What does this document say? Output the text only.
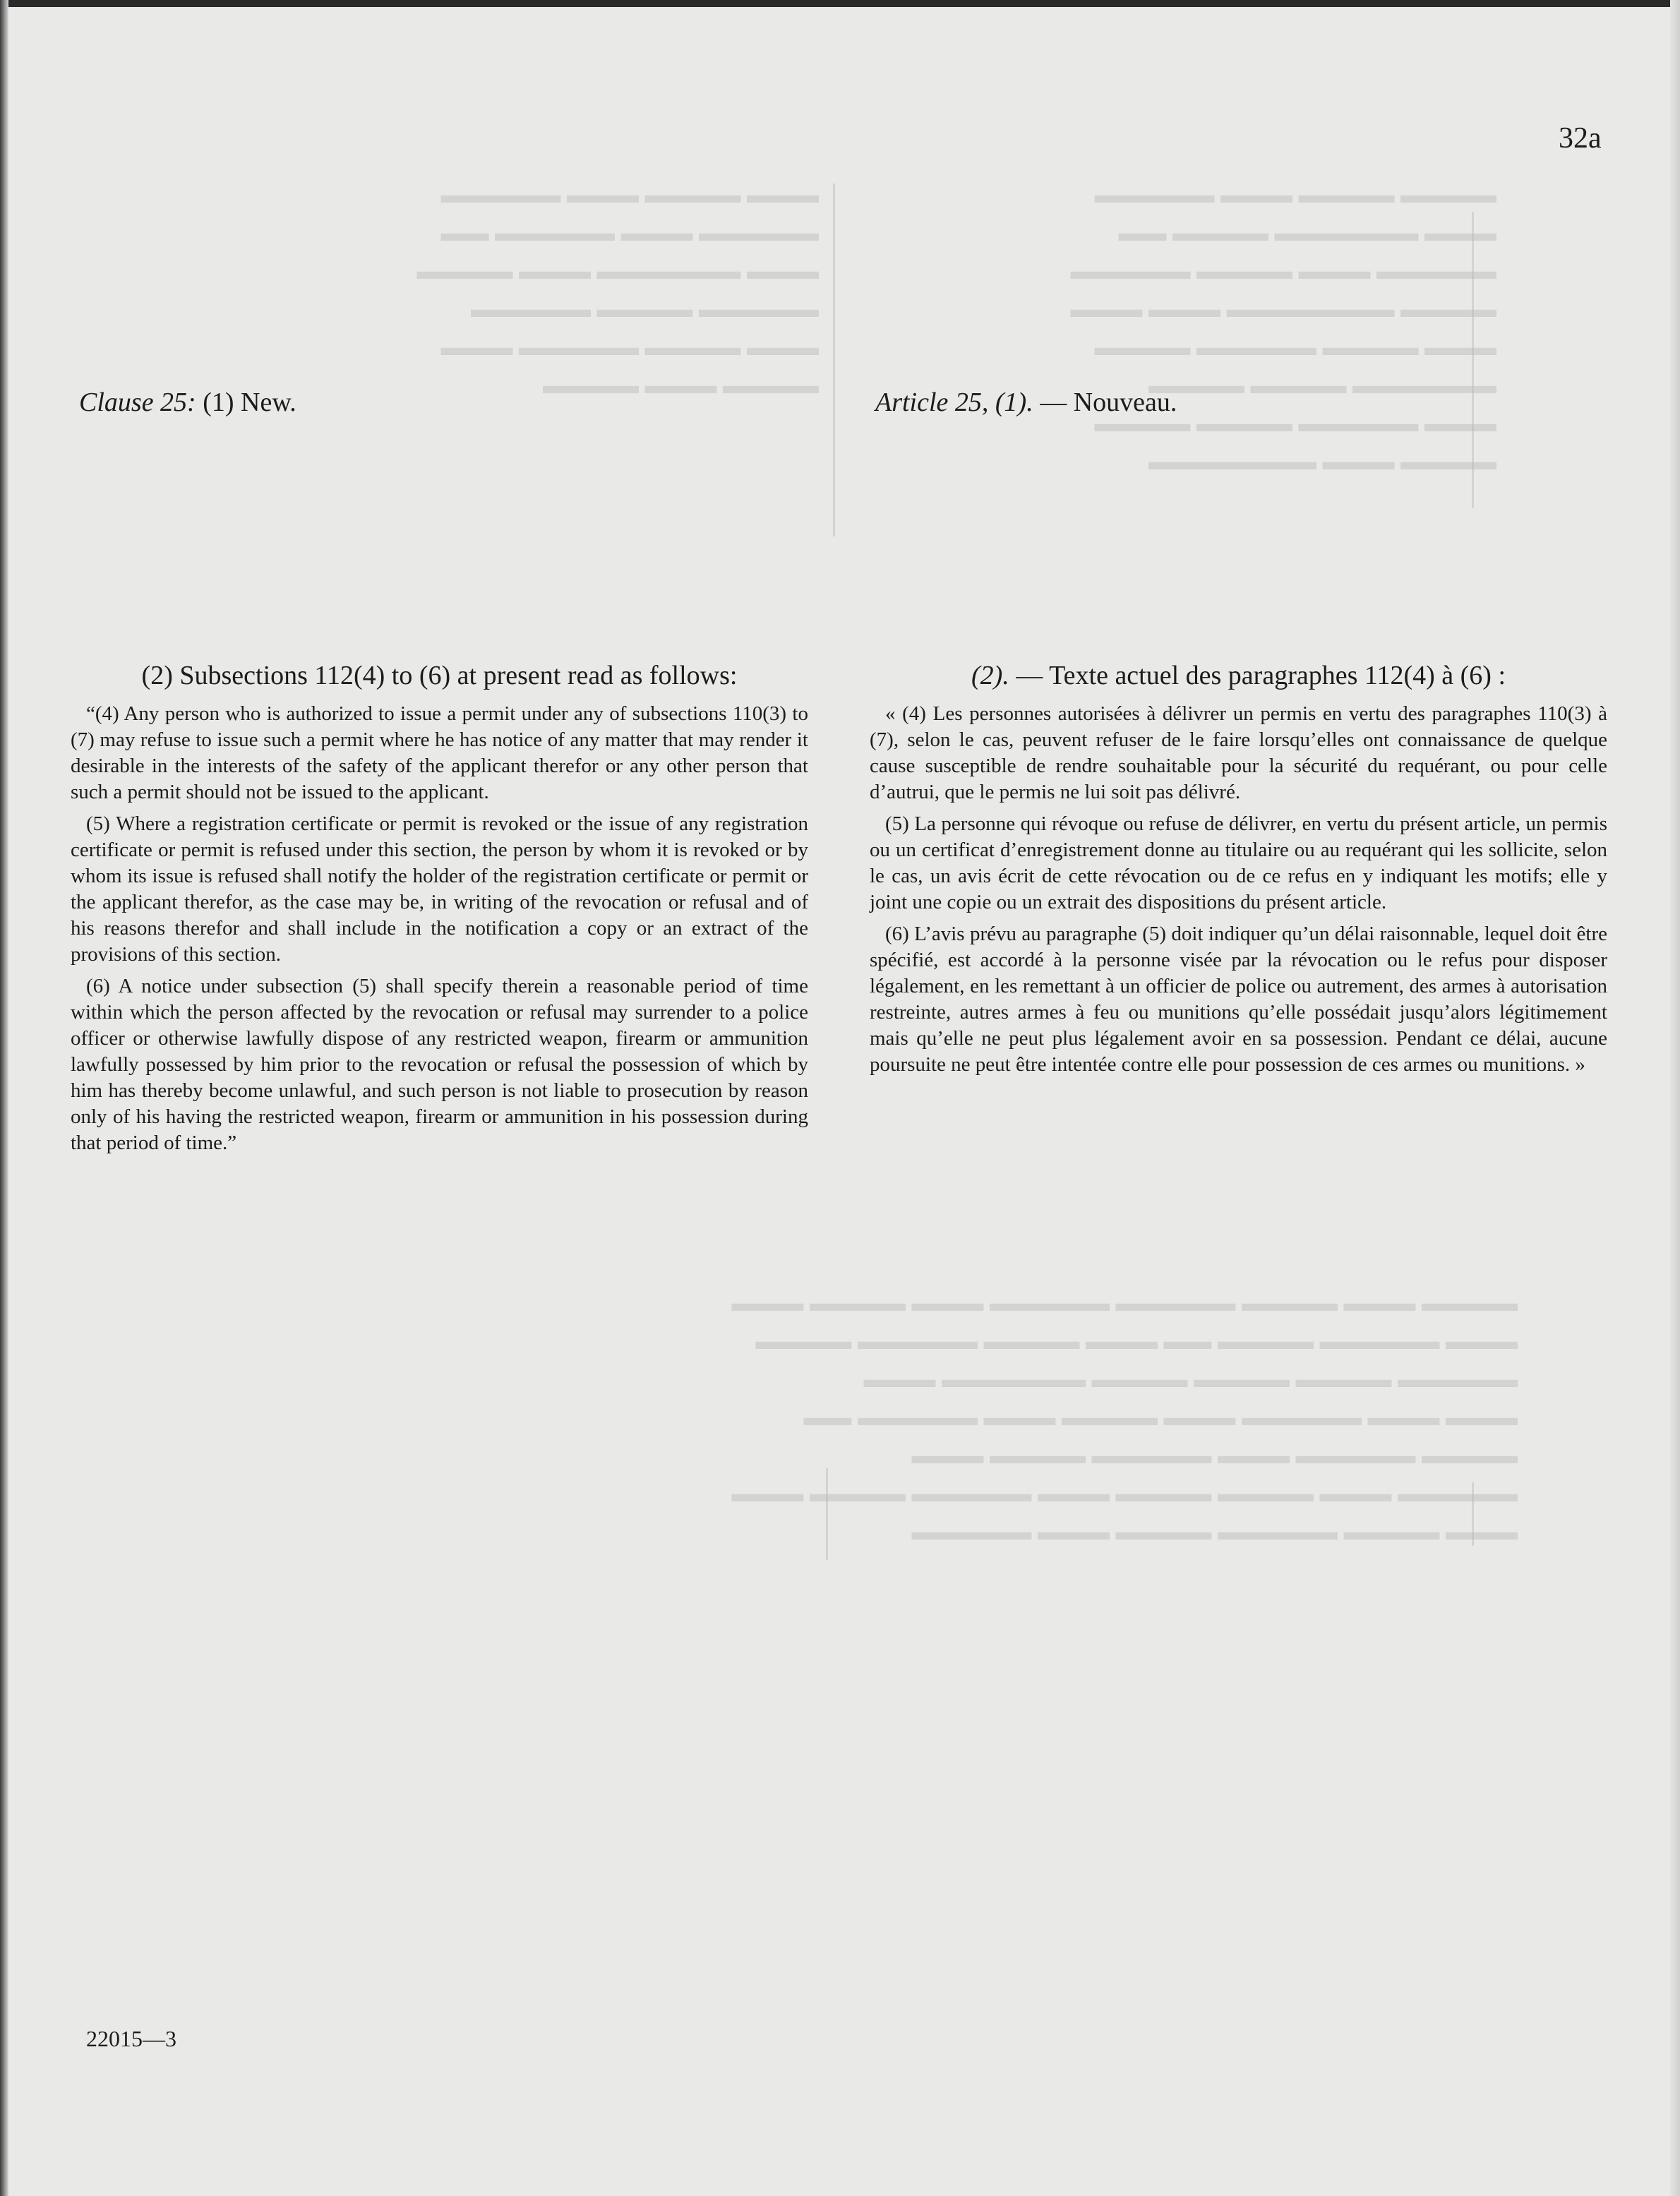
▬▬▬▬ ▬▬▬▬ ▬▬▬ ▬▬▬▬▬
▬▬▬ ▬▬▬▬▬▬ ▬▬▬▬ ▬▬
▬▬▬▬▬ ▬▬▬ ▬▬▬▬ ▬▬▬▬▬
▬▬▬▬ ▬▬▬▬▬▬▬ ▬▬▬ ▬▬▬
▬▬▬ ▬▬▬▬ ▬▬▬▬▬ ▬▬▬▬
▬▬▬▬▬▬ ▬▬▬▬ ▬▬▬▬
▬▬▬ ▬▬▬▬▬ ▬▬▬▬ ▬▬▬▬
▬▬▬▬ ▬▬▬ ▬▬▬▬▬▬▬
▬▬▬ ▬▬▬▬ ▬▬▬ ▬▬▬▬▬
▬▬▬▬▬ ▬▬▬ ▬▬▬▬▬ ▬▬
▬▬▬ ▬▬▬▬▬▬ ▬▬▬ ▬▬▬▬
▬▬▬▬▬ ▬▬▬▬ ▬▬▬▬▬
▬▬▬ ▬▬▬▬ ▬▬▬▬▬ ▬▬▬
▬▬▬▬ ▬▬▬ ▬▬▬▬
▬▬▬▬ ▬▬▬ ▬▬▬▬ ▬▬▬▬▬ ▬▬▬▬▬ ▬▬▬ ▬▬▬▬ ▬▬▬
▬▬▬ ▬▬▬▬▬ ▬▬▬▬ ▬▬ ▬▬▬ ▬▬▬▬ ▬▬▬▬▬ ▬▬▬▬
▬▬▬▬▬ ▬▬▬▬ ▬▬▬▬ ▬▬▬▬ ▬▬▬▬▬▬ ▬▬▬
▬▬▬ ▬▬▬ ▬▬▬▬▬ ▬▬▬ ▬▬▬▬ ▬▬▬ ▬▬▬▬▬ ▬▬
▬▬▬▬ ▬▬▬▬▬ ▬▬▬ ▬▬▬▬▬ ▬▬▬▬ ▬▬▬
▬▬▬▬▬ ▬▬▬ ▬▬▬▬ ▬▬▬▬ ▬▬▬ ▬▬▬▬▬ ▬▬▬▬ ▬▬▬
▬▬▬ ▬▬▬▬ ▬▬▬▬▬ ▬▬▬▬ ▬▬▬ ▬▬▬▬▬

32a

Clause 25: (1) New.	Article 25, (1). — Nouveau.

(2) Subsections 112(4) to (6) at present read as follows:

“(4) Any person who is authorized to issue a permit under any of subsections 110(3) to (7) may refuse to issue such a permit where he has notice of any matter that may render it desirable in the interests of the safety of the applicant therefor or any other person that such a permit should not be issued to the applicant.

(5) Where a registration certificate or permit is revoked or the issue of any registration certificate or permit is refused under this section, the person by whom it is revoked or by whom its issue is refused shall notify the holder of the registration certificate or permit or the applicant therefor, as the case may be, in writing of the revocation or refusal and of his reasons therefor and shall include in the notification a copy or an extract of the provisions of this section.

(6) A notice under subsection (5) shall specify therein a reasonable period of time within which the person affected by the revocation or refusal may surrender to a police officer or otherwise lawfully dispose of any restricted weapon, firearm or ammunition lawfully possessed by him prior to the revocation or refusal the possession of which by him has thereby become unlawful, and such person is not liable to prosecution by reason only of his having the restricted weapon, firearm or ammunition in his possession during that period of time.”

(2). — Texte actuel des paragraphes 112(4) à (6) :

« (4) Les personnes autorisées à délivrer un permis en vertu des paragraphes 110(3) à (7), selon le cas, peuvent refuser de le faire lorsqu’elles ont connaissance de quelque cause susceptible de rendre souhaitable pour la sécurité du requérant, ou pour celle d’autrui, que le permis ne lui soit pas délivré.

(5) La personne qui révoque ou refuse de délivrer, en vertu du présent article, un permis ou un certificat d’enregistrement donne au titulaire ou au requérant qui les sollicite, selon le cas, un avis écrit de cette révocation ou de ce refus en y indiquant les motifs; elle y joint une copie ou un extrait des dispositions du présent article.

(6) L’avis prévu au paragraphe (5) doit indiquer qu’un délai raisonnable, lequel doit être spécifié, est accordé à la personne visée par la révocation ou le refus pour disposer légalement, en les remettant à un officier de police ou autrement, des armes à autorisation restreinte, autres armes à feu ou munitions qu’elle possédait jusqu’alors légitimement mais qu’elle ne peut plus légalement avoir en sa possession. Pendant ce délai, aucune poursuite ne peut être intentée contre elle pour possession de ces armes ou munitions. »

22015—3
